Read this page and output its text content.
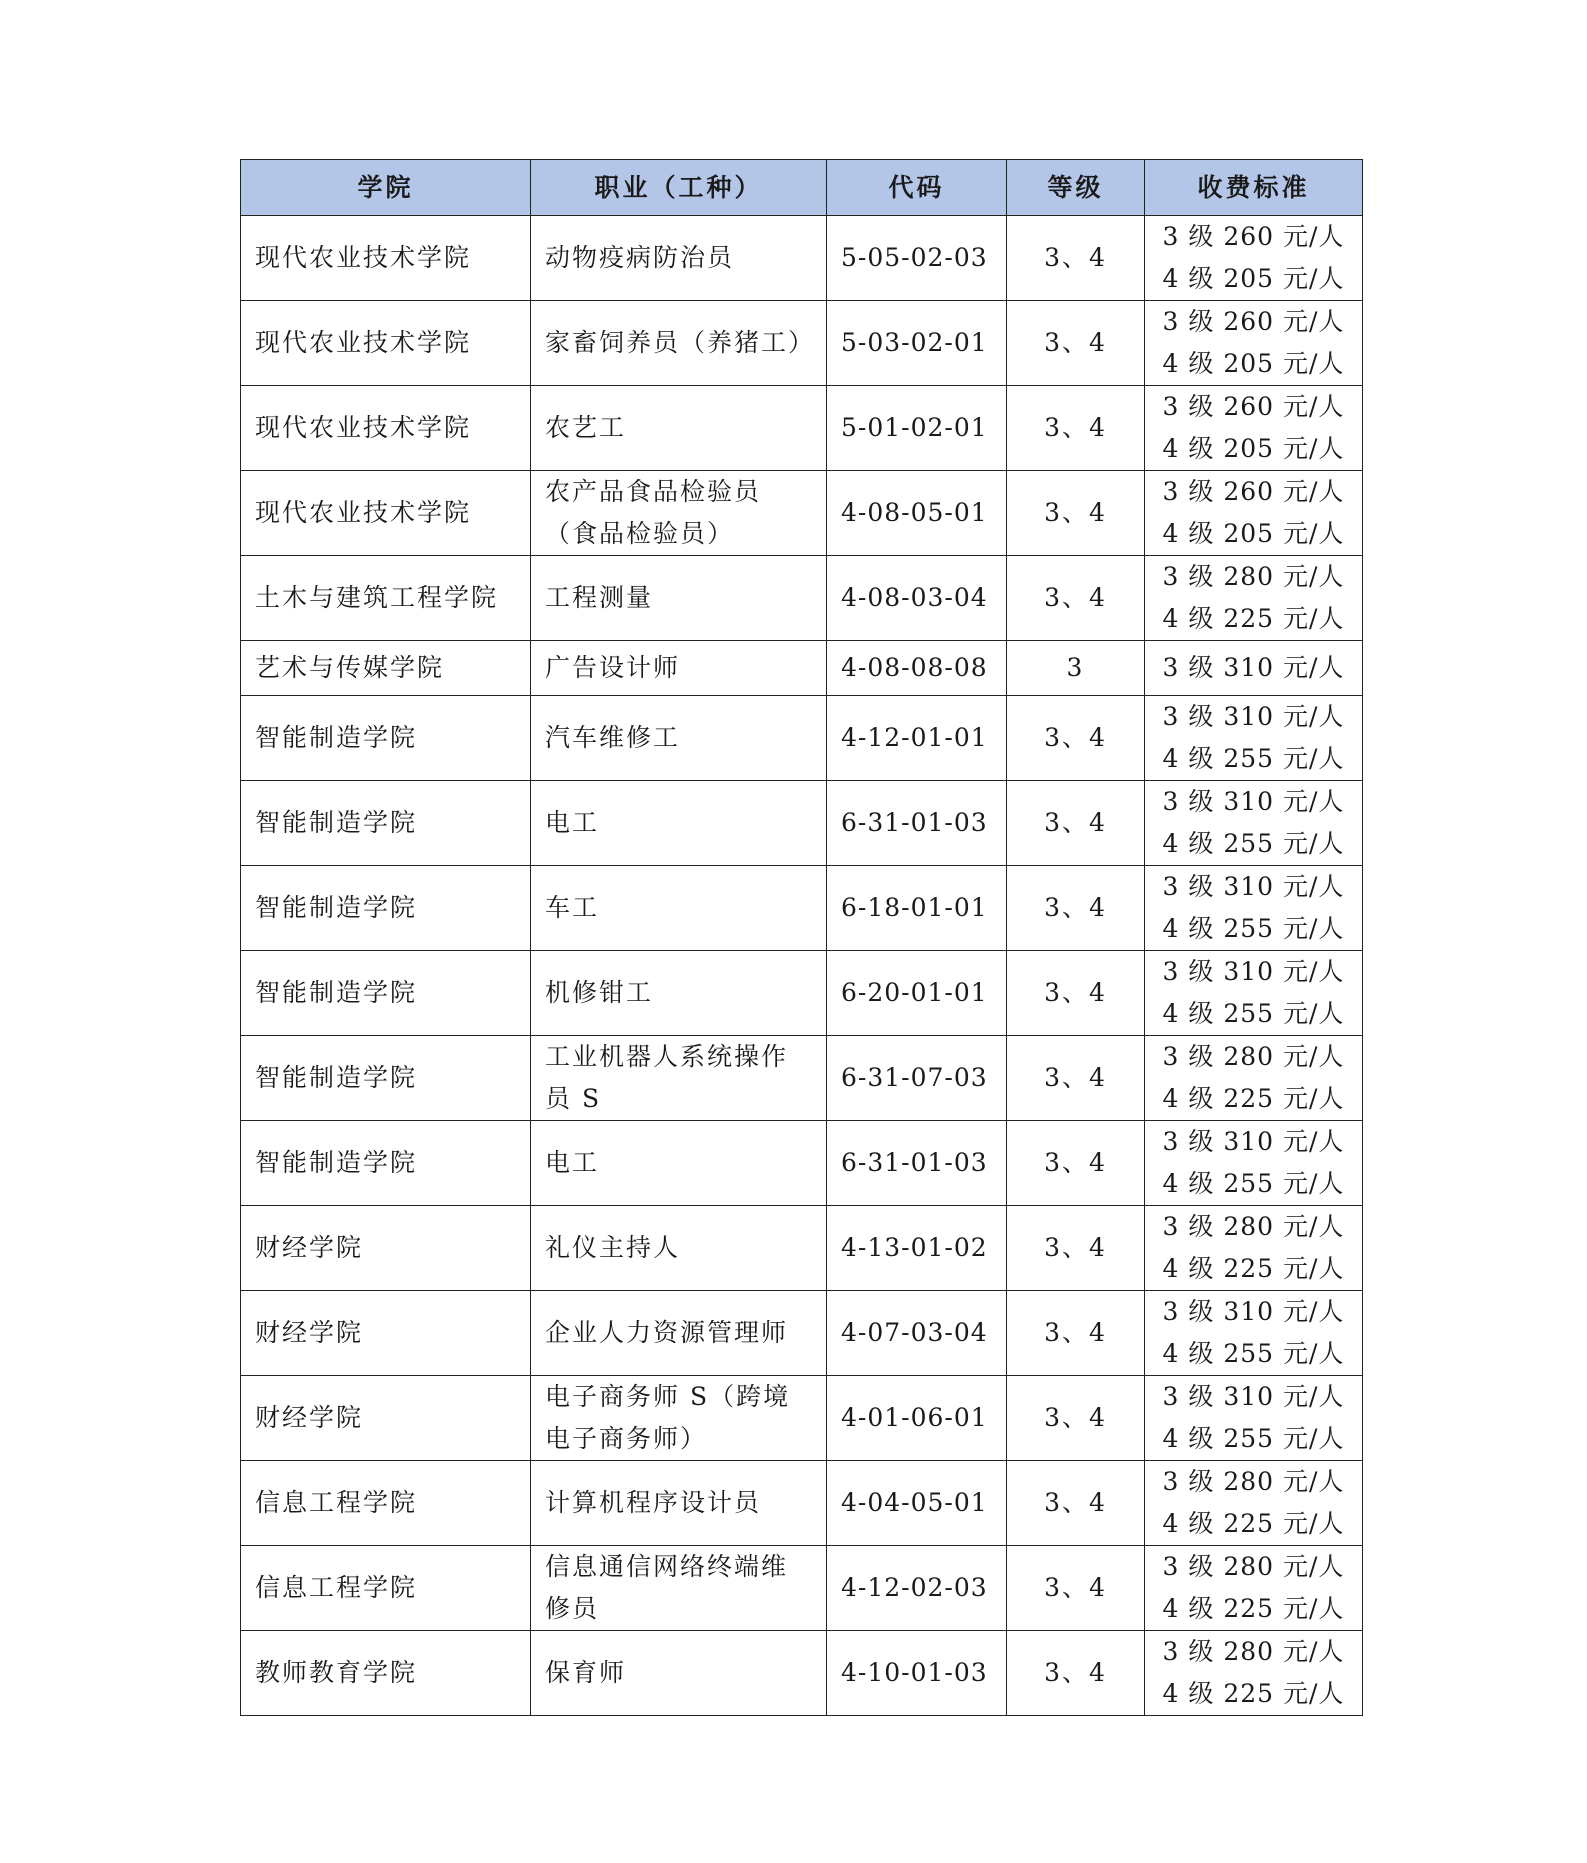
学院	职业（工种）	代码	等级	收费标准
现代农业技术学院	动物疫病防治员	5-05-02-03	3、4	3 级 260 元/人
4 级 205 元/人

现代农业技术学院	家畜饲养员（养猪工）	5-03-02-01	3、4	3 级 260 元/人
4 级 205 元/人

现代农业技术学院	农艺工	5-01-02-01	3、4	3 级 260 元/人
4 级 205 元/人

现代农业技术学院	农产品食品检验员（食品检验员）	4-08-05-01	3、4	3 级 260 元/人
4 级 205 元/人

土木与建筑工程学院	工程测量	4-08-03-04	3、4	3 级 280 元/人
4 级 225 元/人

艺术与传媒学院	广告设计师	4-08-08-08	3	3 级 310 元/人

智能制造学院	汽车维修工	4-12-01-01	3、4	3 级 310 元/人
4 级 255 元/人

智能制造学院	电工	6-31-01-03	3、4	3 级 310 元/人
4 级 255 元/人

智能制造学院	车工	6-18-01-01	3、4	3 级 310 元/人
4 级 255 元/人

智能制造学院	机修钳工	6-20-01-01	3、4	3 级 310 元/人
4 级 255 元/人

智能制造学院	工业机器人系统操作员 S	6-31-07-03	3、4	3 级 280 元/人
4 级 225 元/人

智能制造学院	电工	6-31-01-03	3、4	3 级 310 元/人
4 级 255 元/人

财经学院	礼仪主持人	4-13-01-02	3、4	3 级 280 元/人
4 级 225 元/人

财经学院	企业人力资源管理师	4-07-03-04	3、4	3 级 310 元/人
4 级 255 元/人

财经学院	电子商务师 S（跨境电子商务师）	4-01-06-01	3、4	3 级 310 元/人
4 级 255 元/人

信息工程学院	计算机程序设计员	4-04-05-01	3、4	3 级 280 元/人
4 级 225 元/人

信息工程学院	信息通信网络终端维修员	4-12-02-03	3、4	3 级 280 元/人
4 级 225 元/人

教师教育学院	保育师	4-10-01-03	3、4	3 级 280 元/人
4 级 225 元/人
